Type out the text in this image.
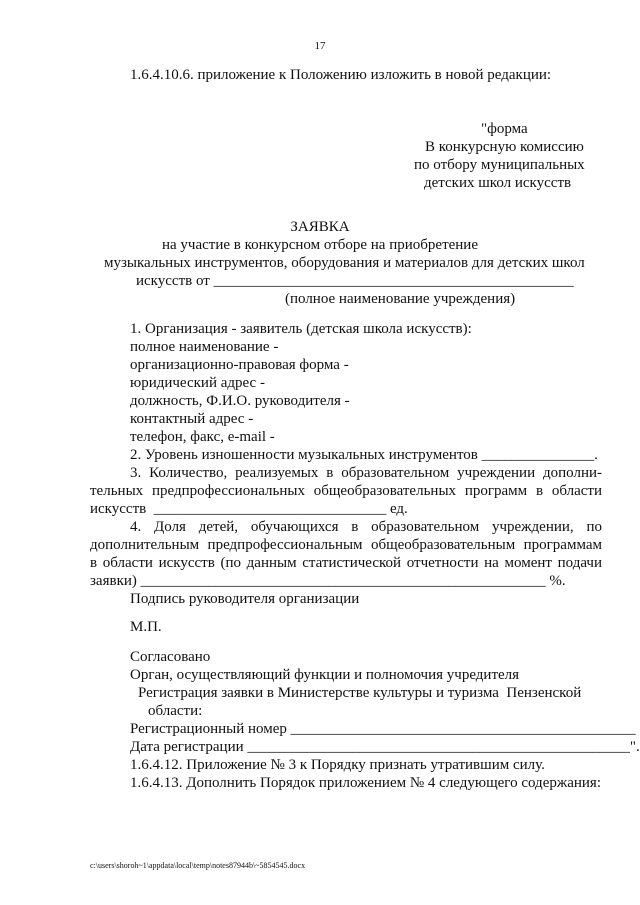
17
1.6.4.10.6. приложение к Положению изложить в новой редакции:
"форма
В конкурсную комиссию
по отбору муниципальных
детских школ искусств
ЗАЯВКА
на участие в конкурсном отборе на приобретение
музыкальных инструментов, оборудования и материалов для детских школ
искусств от ________________________________________________
(полное наименование учреждения)
1. Организация - заявитель (детская школа искусств):
полное наименование -
организационно-правовая форма -
юридический адрес -
должность, Ф.И.О. руководителя -
контактный адрес -
телефон, факс, e-mail -
2. Уровень изношенности музыкальных инструментов _______________.
3. Количество, реализуемых в образовательном учреждении дополни-
тельных предпрофессиональных общеобразовательных программ в области
искусств  _______________________________ ед.
4. Доля детей, обучающихся в образовательном учреждении, по
дополнительным предпрофессиональным общеобразовательным программам
в области искусств (по данным статистической отчетности на момент подачи
заявки) ______________________________________________________ %.
Подпись руководителя организации
М.П.
Согласовано
Орган, осуществляющий функции и полномочия учредителя
Регистрация заявки в Министерстве культуры и туризма  Пензенской
области:
Регистрационный номер ______________________________________________
Дата регистрации ___________________________________________________".
1.6.4.12. Приложение № 3 к Порядку признать утратившим силу.
1.6.4.13. Дополнить Порядок приложением № 4 следующего содержания:
c:\users\shoroh~1\appdata\local\temp\notes87944b\~5854545.docx
